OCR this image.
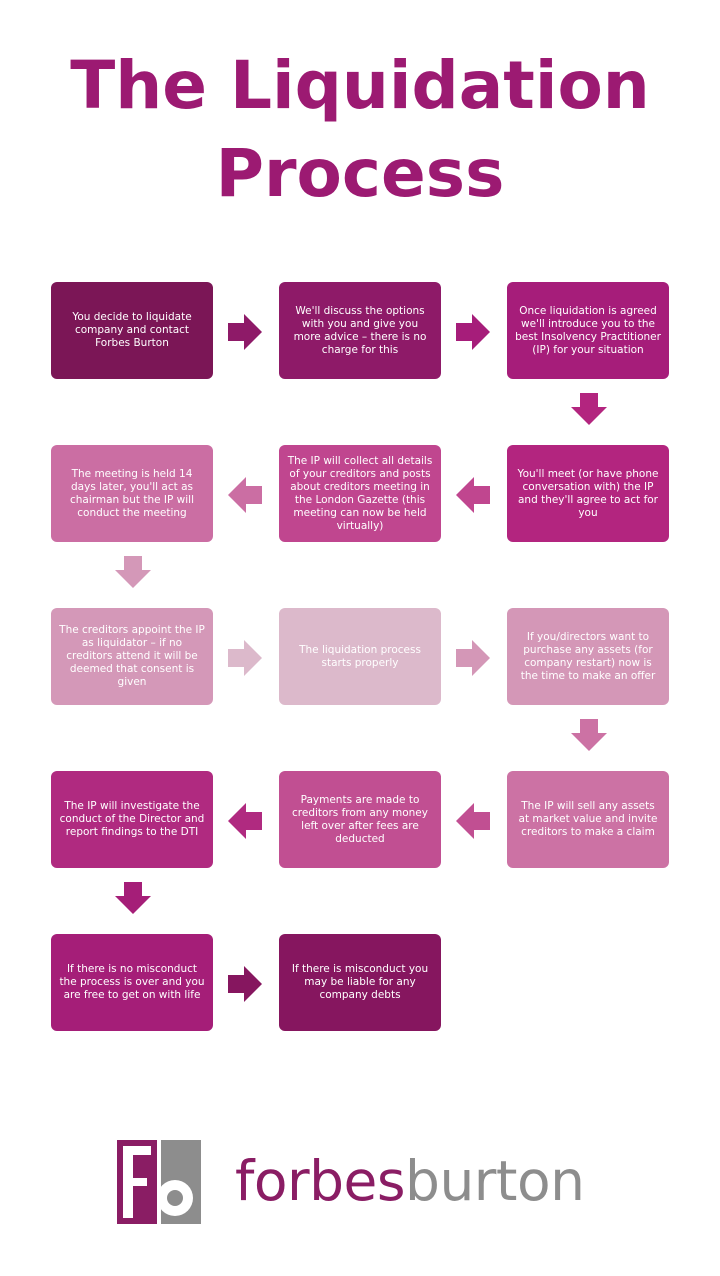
The Liquidation
Process
You decide to liquidate company and contact Forbes Burton
We'll discuss the options with you and give you more advice – there is no charge for this
Once liquidation is agreed we'll introduce you to the best Insolvency Practitioner (IP) for your situation
You'll meet (or have phone conversation with) the IP and they'll agree to act for you
The IP will collect all details of your creditors and posts about creditors meeting in the London Gazette (this meeting can now be held virtually)
The meeting is held 14 days later, you'll act as chairman but the IP will conduct the meeting
The creditors appoint the IP as liquidator – if no creditors attend it will be deemed that consent is given
The liquidation process starts properly
If you/directors want to purchase any assets (for company restart) now is the time to make an offer
The IP will sell any assets at market value and invite creditors to make a claim
Payments are made to creditors from any money left over after fees are deducted
The IP will investigate the conduct of the Director and report findings to the DTI
If there is no misconduct the process is over and you are free to get on with life
If there is misconduct you may be liable for any company debts
forbesburton
